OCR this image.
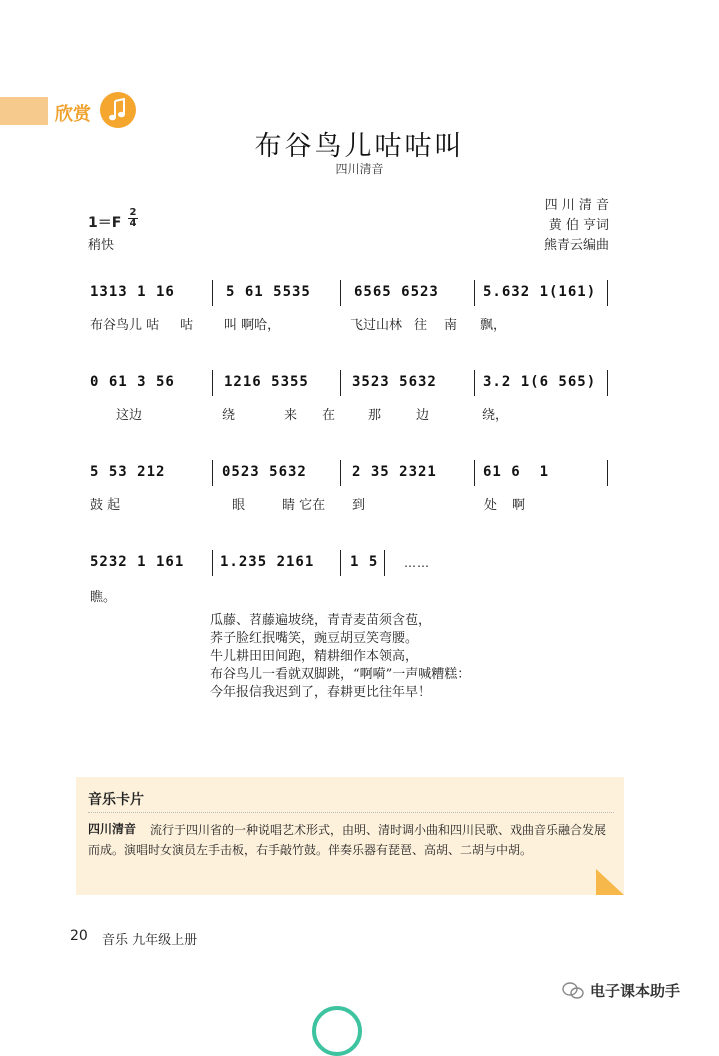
欣赏
布谷鸟儿咕咕叫
四川清音
1＝F
2
4
稍快
四 川 清 音
黄 伯 亨词
熊青云编曲
1313 1 16	5 61 5535	6565 6523	5.632 1(161)
布谷鸟儿 咕 咕 叫 啊哈，	飞过山林 往 南 飘，
0 61 3 56	1216 5355	3523 5632	3.2 1(6 565)
这边	绕	来 在	那	边	绕，
5 53 212	0523 5632	2 35 2321	61 6  1
鼓 起	眼	睛 它在 到	处 啊
5232 1 161	1.235 2161	1 5 ……
瞧。
瓜藤、苕藤遍坡绕，青青麦苗须含苞，
荞子脸红抿嘴笑，豌豆胡豆笑弯腰。
牛儿耕田田间跑，精耕细作本领高，
布谷鸟儿一看就双脚跳，“啊嗬”一声喊糟糕：
今年报信我迟到了，春耕更比往年早！
音乐卡片
四川清音	流行于四川省的一种说唱艺术形式，由明、清时调小曲和四川民歌、戏曲音乐融合发展而成。演唱时女演员左手击板，右手敲竹鼓。伴奏乐器有琵琶、高胡、二胡与中胡。
20 音乐 九年级上册
电子课本助手
